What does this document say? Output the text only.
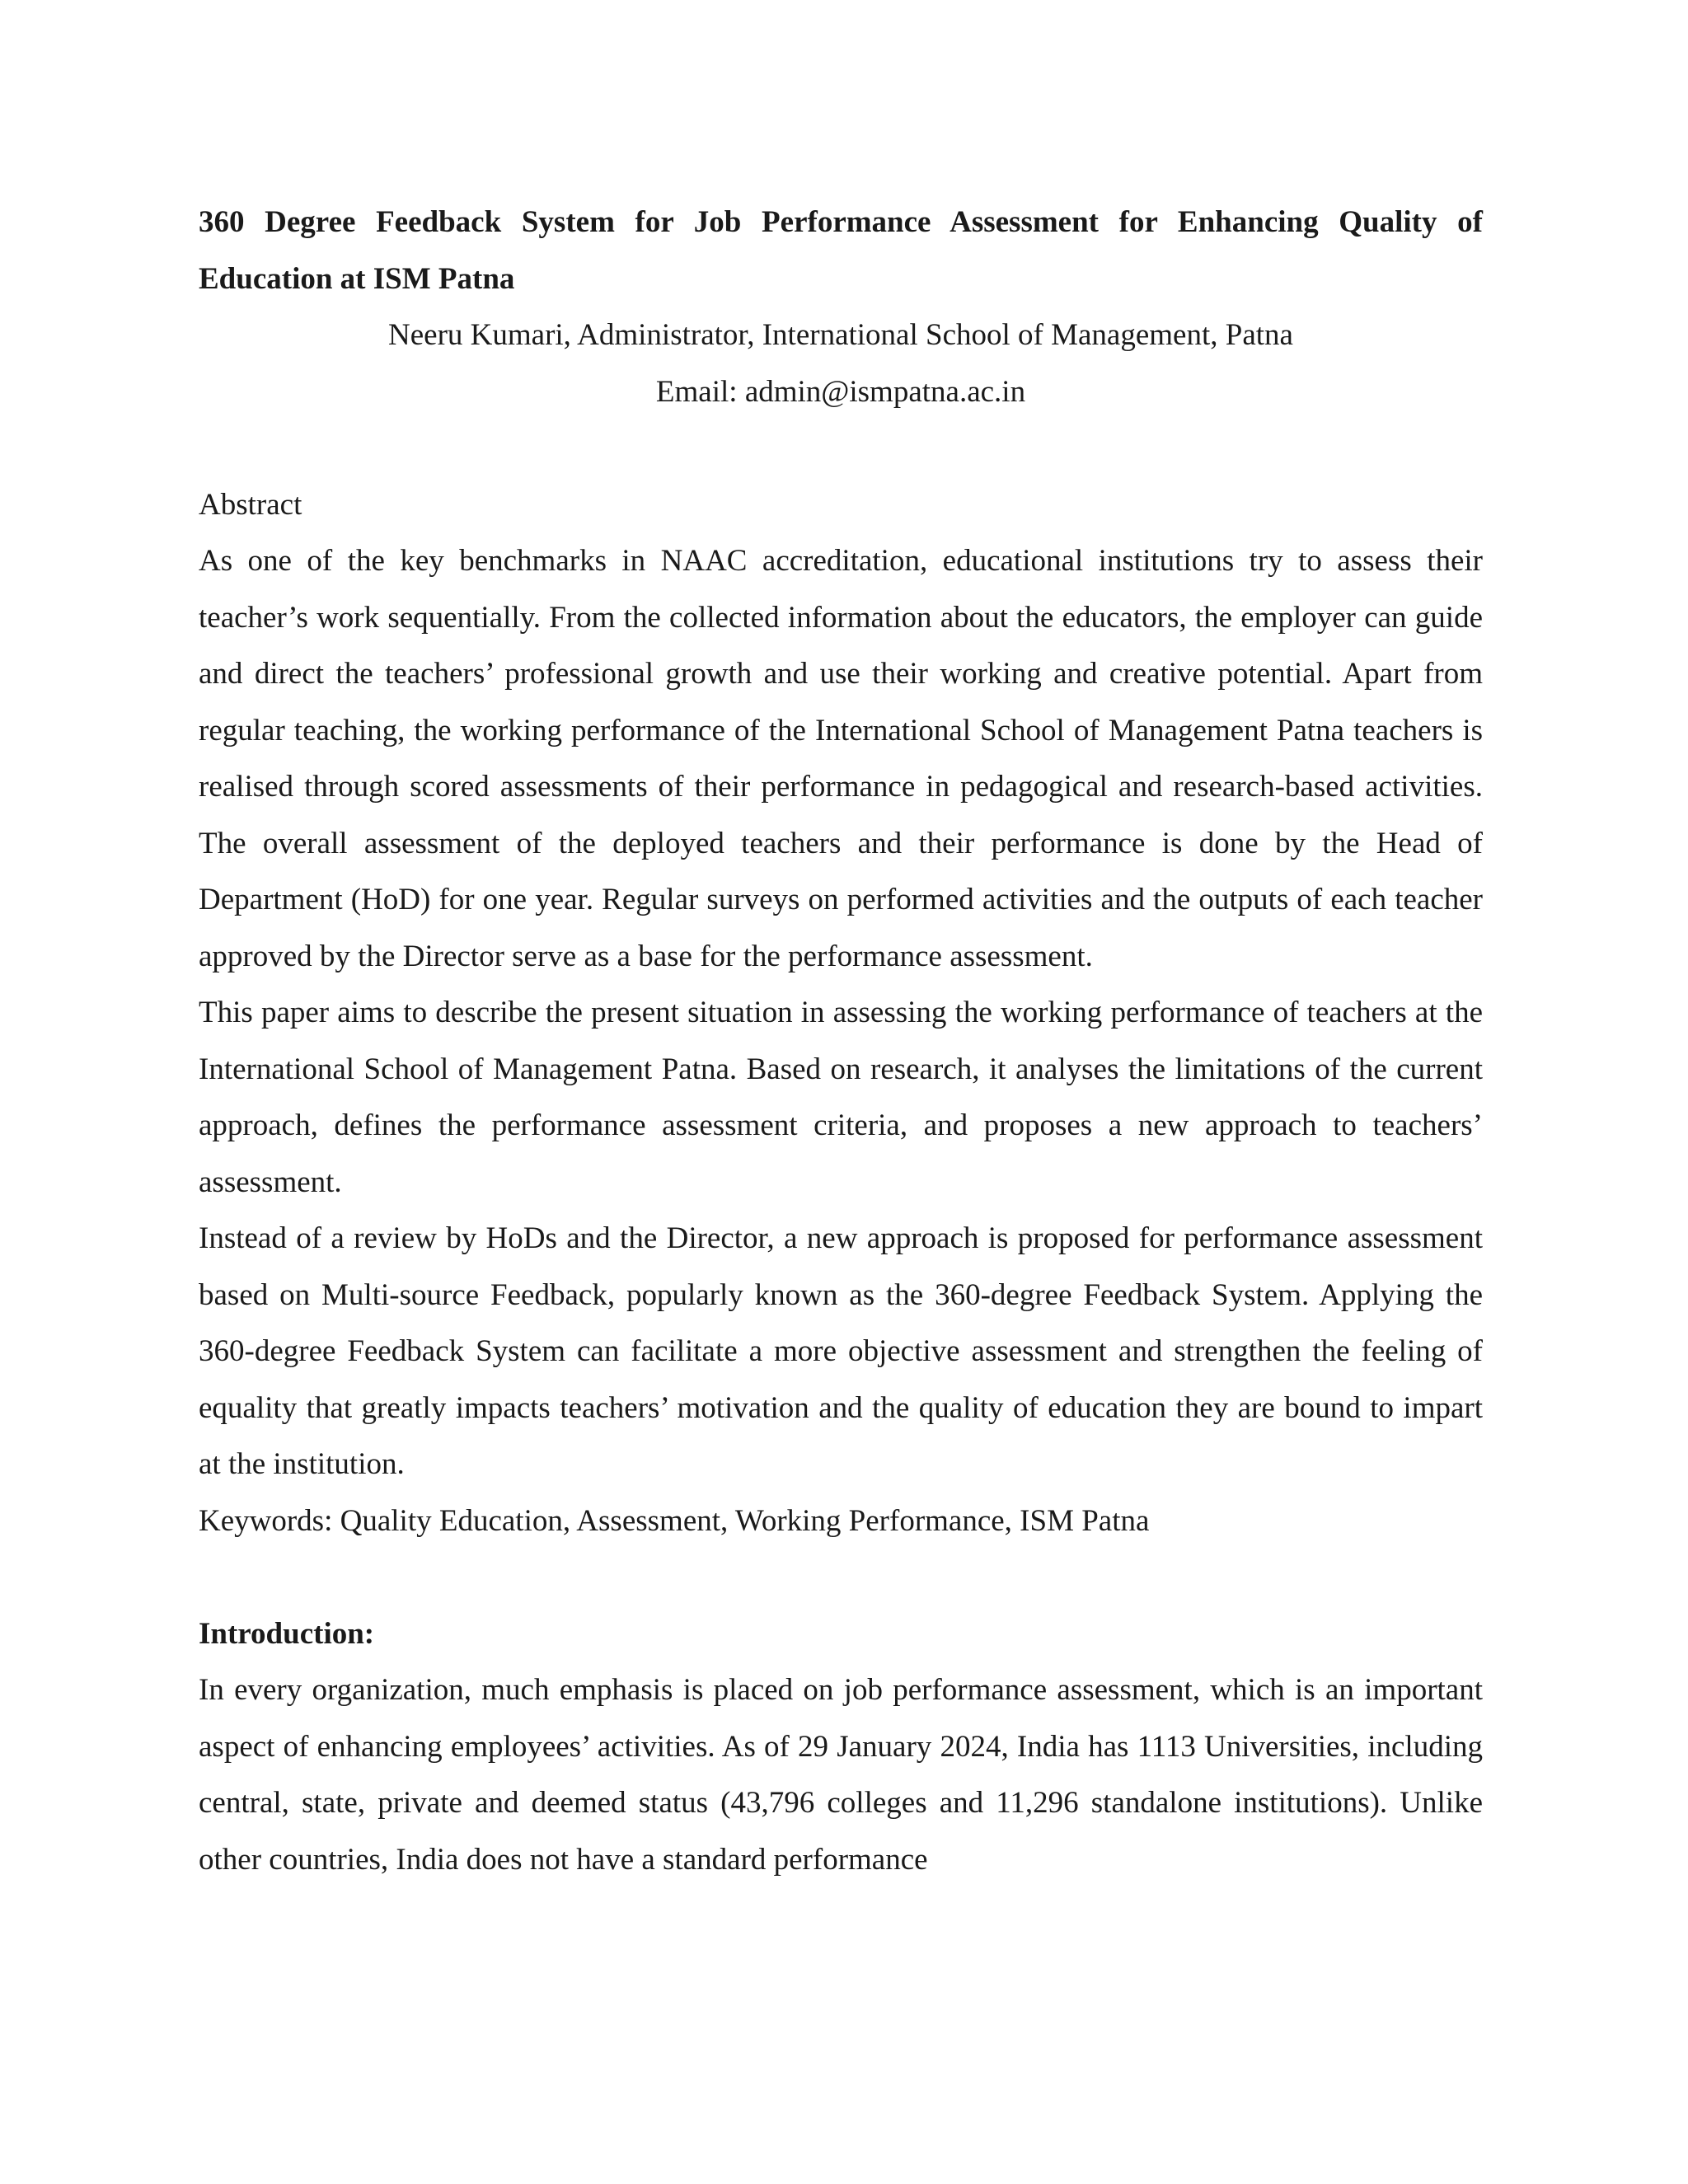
360 Degree Feedback System for Job Performance Assessment for Enhancing Quality of Education at ISM Patna

Neeru Kumari, Administrator, International School of Management, Patna

Email: admin@ismpatna.ac.in

Abstract

As one of the key benchmarks in NAAC accreditation, educational institutions try to assess their teacher’s work sequentially. From the collected information about the educators, the employer can guide and direct the teachers’ professional growth and use their working and creative potential. Apart from regular teaching, the working performance of the International School of Management Patna teachers is realised through scored assessments of their performance in pedagogical and research-based activities. The overall assessment of the deployed teachers and their performance is done by the Head of Department (HoD) for one year. Regular surveys on performed activities and the outputs of each teacher approved by the Director serve as a base for the performance assessment.

This paper aims to describe the present situation in assessing the working performance of teachers at the International School of Management Patna. Based on research, it analyses the limitations of the current approach, defines the performance assessment criteria, and proposes a new approach to teachers’ assessment.

Instead of a review by HoDs and the Director, a new approach is proposed for performance assessment based on Multi-source Feedback, popularly known as the 360-degree Feedback System. Applying the 360-degree Feedback System can facilitate a more objective assessment and strengthen the feeling of equality that greatly impacts teachers’ motivation and the quality of education they are bound to impart at the institution.

Keywords: Quality Education, Assessment, Working Performance, ISM Patna

Introduction:

In every organization, much emphasis is placed on job performance assessment, which is an important aspect of enhancing employees’ activities. As of 29 January 2024, India has 1113 Universities, including central, state, private and deemed status (43,796 colleges and 11,296 standalone institutions). Unlike other countries, India does not have a standard performance
